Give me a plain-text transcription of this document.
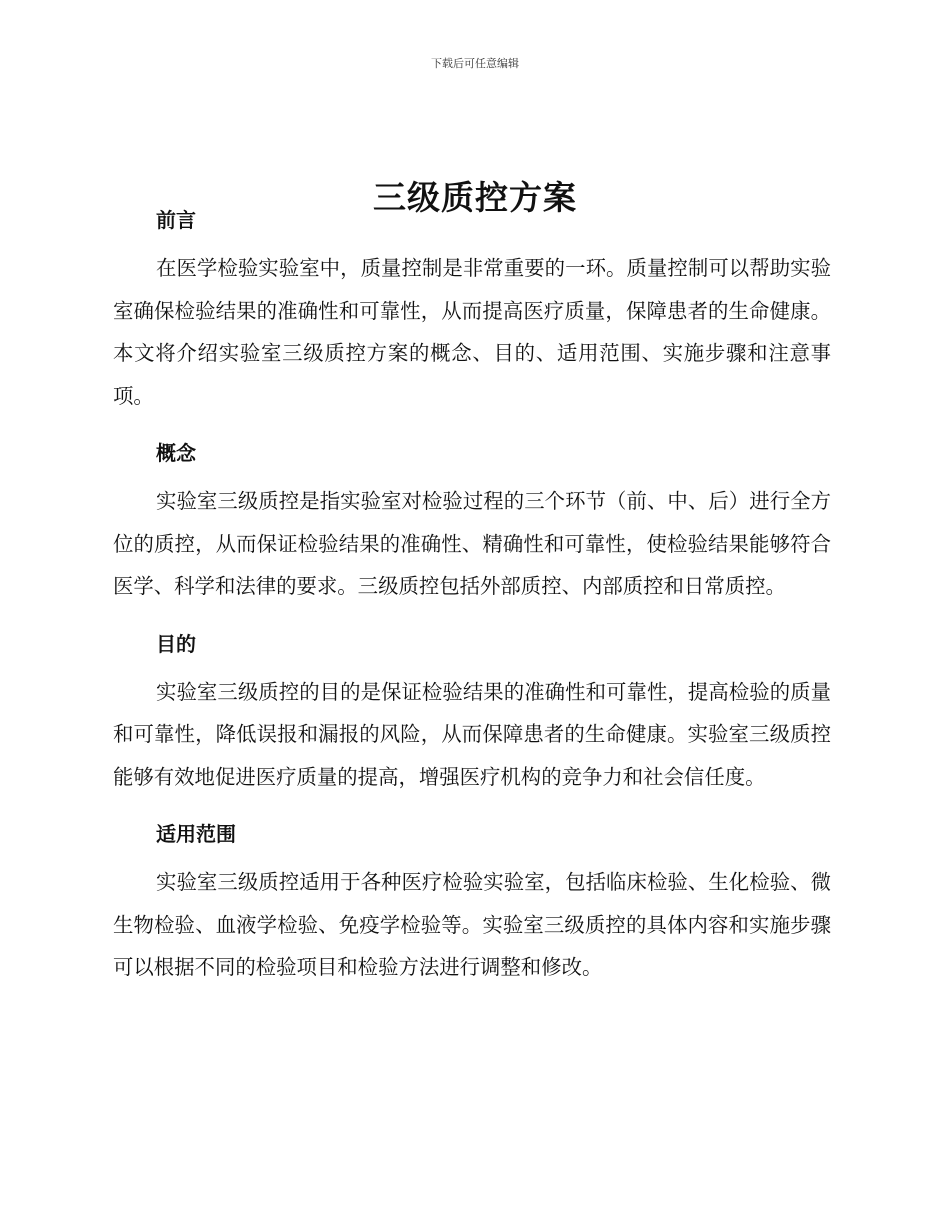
下载后可任意编辑
三级质控方案
前言

在医学检验实验室中，质量控制是非常重要的一环。质量控制可以帮助实验室确保检验结果的准确性和可靠性，从而提高医疗质量，保障患者的生命健康。本文将介绍实验室三级质控方案的概念、目的、适用范围、实施步骤和注意事项。

概念

实验室三级质控是指实验室对检验过程的三个环节（前、中、后）进行全方位的质控，从而保证检验结果的准确性、精确性和可靠性，使检验结果能够符合医学、科学和法律的要求。三级质控包括外部质控、内部质控和日常质控。

目的

实验室三级质控的目的是保证检验结果的准确性和可靠性，提高检验的质量和可靠性，降低误报和漏报的风险，从而保障患者的生命健康。实验室三级质控能够有效地促进医疗质量的提高，增强医疗机构的竞争力和社会信任度。

适用范围

实验室三级质控适用于各种医疗检验实验室，包括临床检验、生化检验、微生物检验、血液学检验、免疫学检验等。实验室三级质控的具体内容和实施步骤可以根据不同的检验项目和检验方法进行调整和修改。
